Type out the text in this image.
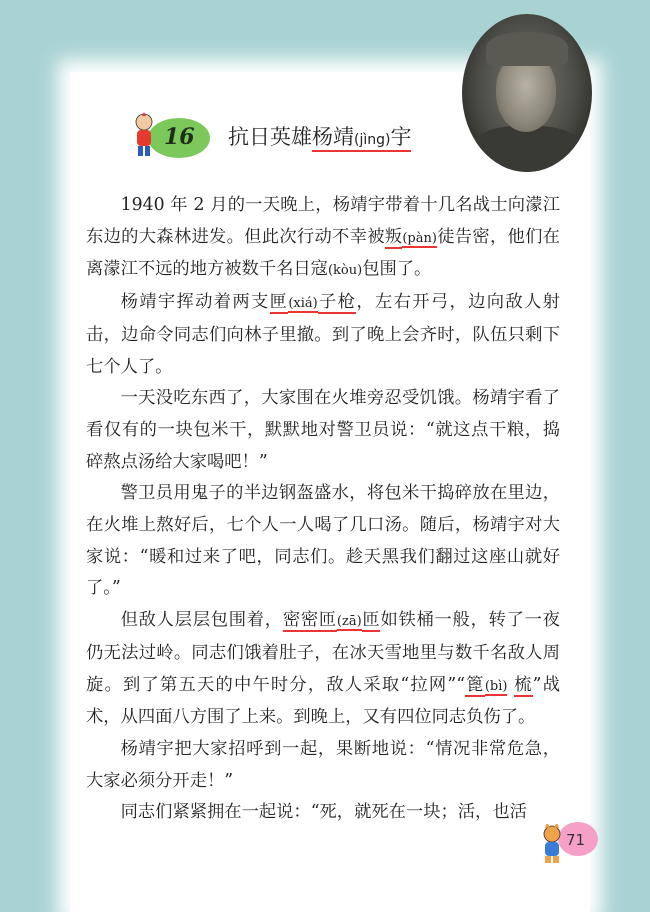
16 抗日英雄杨靖(jìng)宇

1940 年 2 月的一天晚上，杨靖宇带着十几名战士向濛江东边的大森林进发。但此次行动不幸被叛(pàn)徒告密，他们在离濛江不远的地方被数千名日寇(kòu)包围了。

杨靖宇挥动着两支匣(xiá)子枪，左右开弓，边向敌人射击，边命令同志们向林子里撤。到了晚上会齐时，队伍只剩下七个人了。

一天没吃东西了，大家围在火堆旁忍受饥饿。杨靖宇看了看仅有的一块包米干，默默地对警卫员说：“就这点干粮，捣碎熬点汤给大家喝吧！”

警卫员用鬼子的半边钢盔盛水，将包米干捣碎放在里边，在火堆上熬好后，七个人一人喝了几口汤。随后，杨靖宇对大家说：“暖和过来了吧，同志们。趁天黑我们翻过这座山就好了。”

但敌人层层包围着，密密匝(zā)匝如铁桶一般，转了一夜仍无法过岭。同志们饿着肚子，在冰天雪地里与数千名敌人周旋。到了第五天的中午时分，敌人采取“拉网”“篦(bì) 梳”战术，从四面八方围了上来。到晚上，又有四位同志负伤了。

杨靖宇把大家招呼到一起，果断地说：“情况非常危急，大家必须分开走！”

同志们紧紧拥在一起说：“死，就死在一块；活，也活

71
